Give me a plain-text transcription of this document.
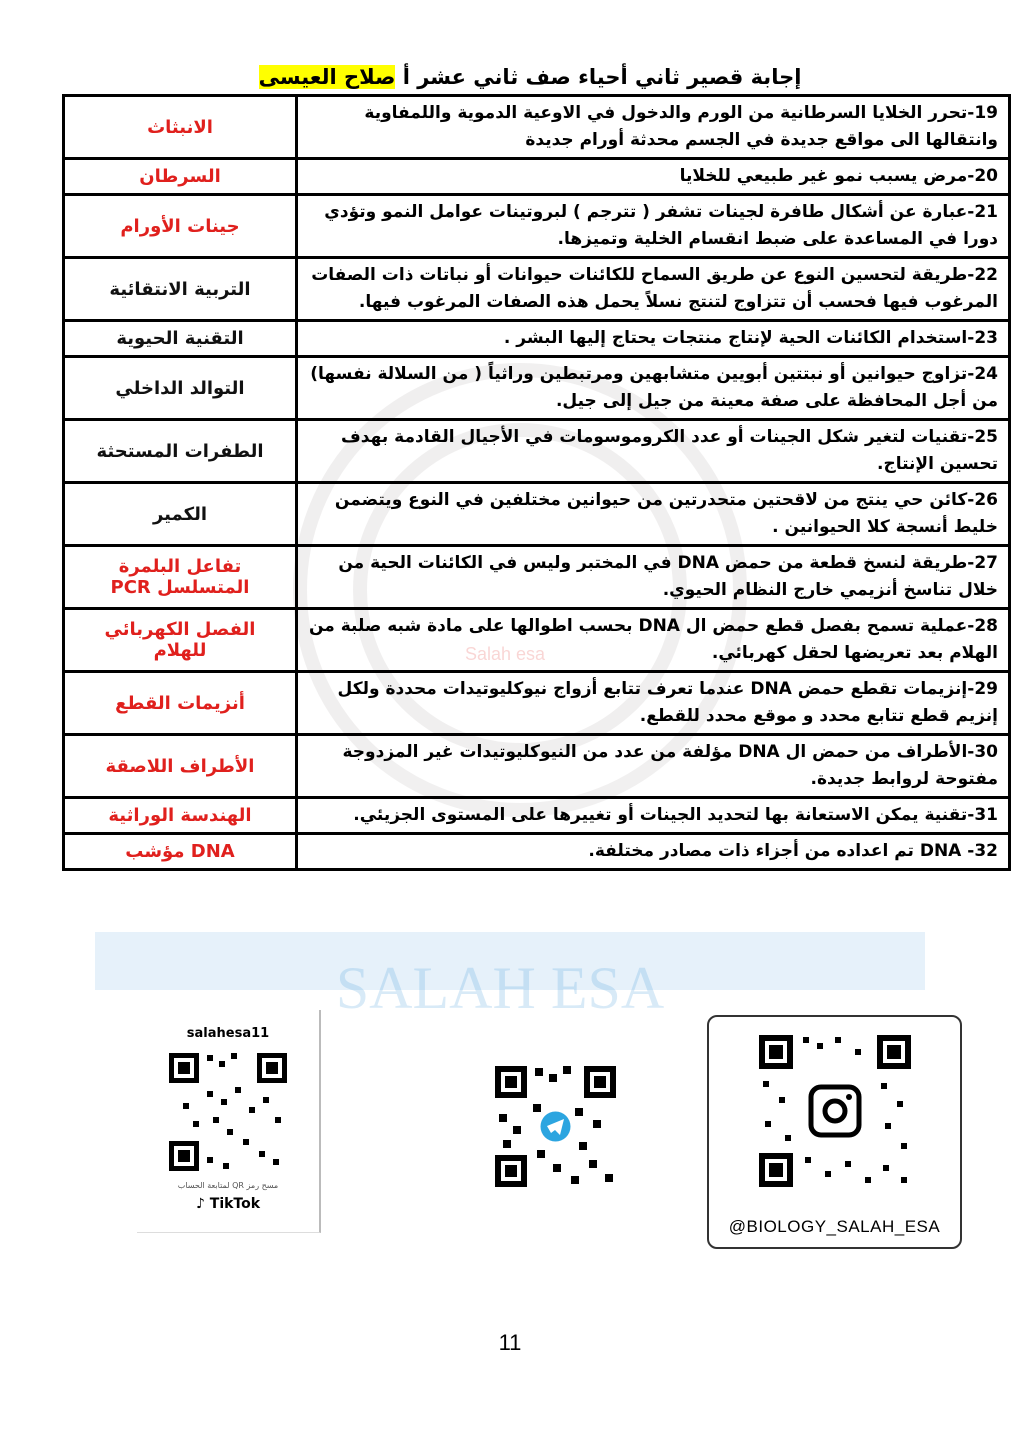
SALAH ESA
Salah esa
إجابة قصير ثاني أحياء صف ثاني عشر أ صلاح العيسى
19-تحرر الخلايا السرطانية من الورم والدخول في الاوعية الدموية واللمفاوية وانتقالها الى مواقع جديدة في الجسم محدثة أورام جديدة	الانبثاث
20-مرض يسبب نمو غير طبيعي للخلايا	السرطان
21-عبارة عن أشكال طافرة لجينات تشفر ( تترجم ) لبروتينات عوامل النمو وتؤدي دورا في المساعدة على ضبط انقسام الخلية وتميزها.	جينات الأورام
22-طريقة لتحسين النوع عن طريق السماح للكائنات حيوانات أو نباتات ذات الصفات المرغوب فيها فحسب أن تتزاوج لتنتج نسلاً يحمل هذه الصفات المرغوب فيها.	التربية الانتقائية
23-استخدام الكائنات الحية لإنتاج منتجات يحتاج إليها البشر .	التقنية الحيوية
24-تزاوج حيوانين أو نبتتين أبويين متشابهين ومرتبطين وراثياً ( من السلالة نفسها) من أجل المحافظة على صفة معينة من جيل إلى جيل.	التوالد الداخلي
25-تقنيات لتغير شكل الجينات أو عدد الكروموسومات في الأجيال القادمة بهدف تحسين الإنتاج.	الطفرات المستحثة
26-كائن حي ينتج من لاقحتين متحدرتين من حيوانين مختلفين في النوع ويتضمن خليط أنسجة كلا الحيوانين .	الكمير
27-طريقة لنسخ قطعة من حمض DNA في المختبر وليس في الكائنات الحية من خلال تناسخ أنزيمي خارج النظام الحيوي.	تفاعل البلمرة المتسلسل PCR
28-عملية تسمح بفصل قطع حمض ال DNA بحسب اطوالها على مادة شبه صلبة من الهلام بعد تعريضها لحقل كهربائي.	الفصل الكهربائي للهلام
29-إنزيمات تقطع حمض DNA عندما تعرف تتابع أزواج نيوكليوتيدات محددة ولكل إنزيم قطع تتابع محدد و موقع محدد للقطع.	أنزيمات القطع
30-الأطراف من حمض ال DNA مؤلفة من عدد من النيوكليوتيدات غير المزدوجة مفتوحة لروابط جديدة.	الأطراف اللاصقة
31-تقنية يمكن الاستعانة بها لتحديد الجينات أو تغييرها على المستوى الجزيئي.	الهندسة الوراثية
32- DNA تم اعداده من أجزاء ذات مصادر مختلفة.	DNA مؤشب
salahesa11
مسح رمز QR لمتابعة الحساب
♪ TikTok
@BIOLOGY_SALAH_ESA
11
